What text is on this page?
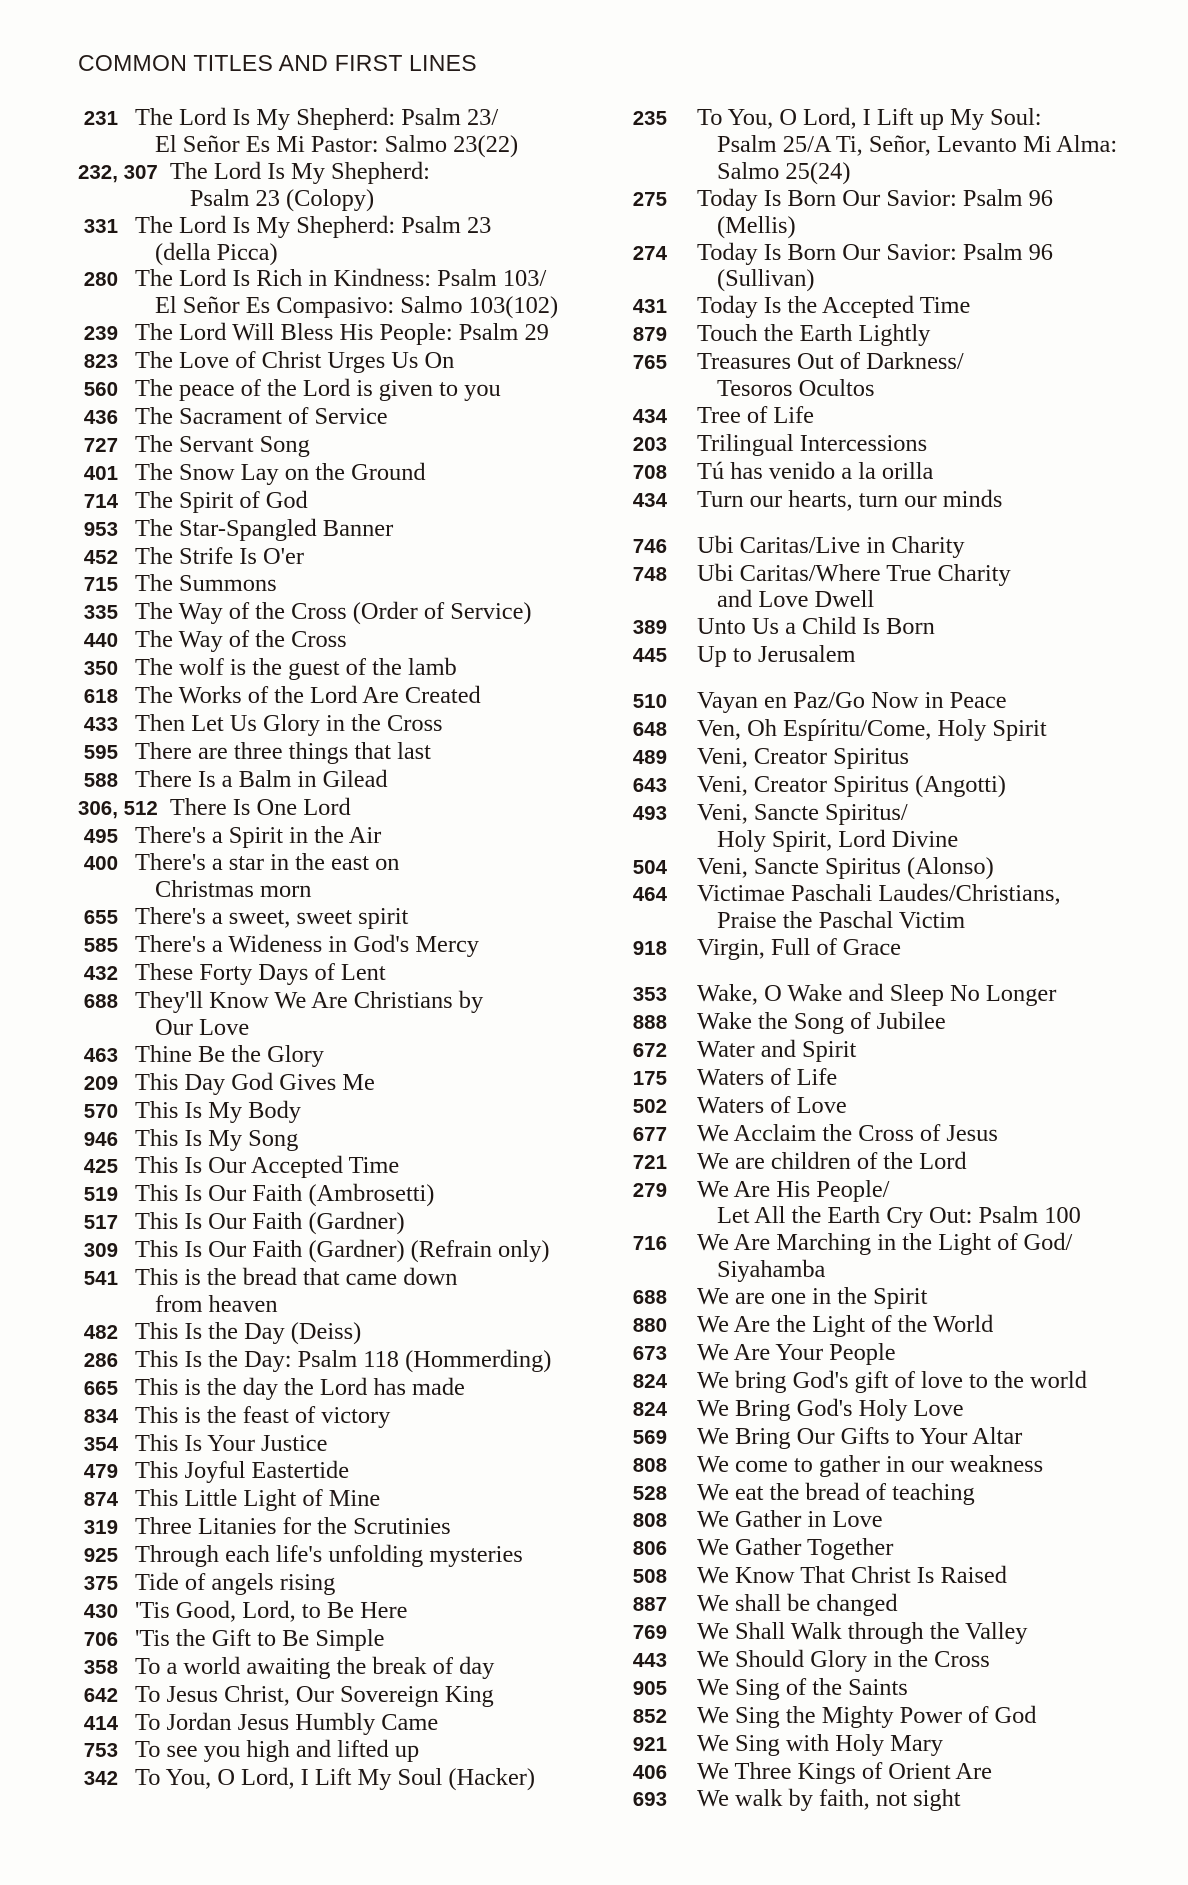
COMMON TITLES AND FIRST LINES
231 The Lord Is My Shepherd: Psalm 23/
El Señor Es Mi Pastor: Salmo 23(22)
232, 307 The Lord Is My Shepherd:
Psalm 23 (Colopy)
331 The Lord Is My Shepherd: Psalm 23
(della Picca)
280 The Lord Is Rich in Kindness: Psalm 103/
El Señor Es Compasivo: Salmo 103(102)
239 The Lord Will Bless His People: Psalm 29
823 The Love of Christ Urges Us On
560 The peace of the Lord is given to you
436 The Sacrament of Service
727 The Servant Song
401 The Snow Lay on the Ground
714 The Spirit of God
953 The Star-Spangled Banner
452 The Strife Is O'er
715 The Summons
335 The Way of the Cross (Order of Service)
440 The Way of the Cross
350 The wolf is the guest of the lamb
618 The Works of the Lord Are Created
433 Then Let Us Glory in the Cross
595 There are three things that last
588 There Is a Balm in Gilead
306, 512 There Is One Lord
495 There's a Spirit in the Air
400 There's a star in the east on
Christmas morn
655 There's a sweet, sweet spirit
585 There's a Wideness in God's Mercy
432 These Forty Days of Lent
688 They'll Know We Are Christians by
Our Love
463 Thine Be the Glory
209 This Day God Gives Me
570 This Is My Body
946 This Is My Song
425 This Is Our Accepted Time
519 This Is Our Faith (Ambrosetti)
517 This Is Our Faith (Gardner)
309 This Is Our Faith (Gardner) (Refrain only)
541 This is the bread that came down
from heaven
482 This Is the Day (Deiss)
286 This Is the Day: Psalm 118 (Hommerding)
665 This is the day the Lord has made
834 This is the feast of victory
354 This Is Your Justice
479 This Joyful Eastertide
874 This Little Light of Mine
319 Three Litanies for the Scrutinies
925 Through each life's unfolding mysteries
375 Tide of angels rising
430 'Tis Good, Lord, to Be Here
706 'Tis the Gift to Be Simple
358 To a world awaiting the break of day
642 To Jesus Christ, Our Sovereign King
414 To Jordan Jesus Humbly Came
753 To see you high and lifted up
342 To You, O Lord, I Lift My Soul (Hacker)
235 To You, O Lord, I Lift up My Soul:
Psalm 25/A Ti, Señor, Levanto Mi Alma:
Salmo 25(24)
275 Today Is Born Our Savior: Psalm 96
(Mellis)
274 Today Is Born Our Savior: Psalm 96
(Sullivan)
431 Today Is the Accepted Time
879 Touch the Earth Lightly
765 Treasures Out of Darkness/
Tesoros Ocultos
434 Tree of Life
203 Trilingual Intercessions
708 Tú has venido a la orilla
434 Turn our hearts, turn our minds
746 Ubi Caritas/Live in Charity
748 Ubi Caritas/Where True Charity
and Love Dwell
389 Unto Us a Child Is Born
445 Up to Jerusalem
510 Vayan en Paz/Go Now in Peace
648 Ven, Oh Espíritu/Come, Holy Spirit
489 Veni, Creator Spiritus
643 Veni, Creator Spiritus (Angotti)
493 Veni, Sancte Spiritus/
Holy Spirit, Lord Divine
504 Veni, Sancte Spiritus (Alonso)
464 Victimae Paschali Laudes/Christians,
Praise the Paschal Victim
918 Virgin, Full of Grace
353 Wake, O Wake and Sleep No Longer
888 Wake the Song of Jubilee
672 Water and Spirit
175 Waters of Life
502 Waters of Love
677 We Acclaim the Cross of Jesus
721 We are children of the Lord
279 We Are His People/
Let All the Earth Cry Out: Psalm 100
716 We Are Marching in the Light of God/
Siyahamba
688 We are one in the Spirit
880 We Are the Light of the World
673 We Are Your People
824 We bring God's gift of love to the world
824 We Bring God's Holy Love
569 We Bring Our Gifts to Your Altar
808 We come to gather in our weakness
528 We eat the bread of teaching
808 We Gather in Love
806 We Gather Together
508 We Know That Christ Is Raised
887 We shall be changed
769 We Shall Walk through the Valley
443 We Should Glory in the Cross
905 We Sing of the Saints
852 We Sing the Mighty Power of God
921 We Sing with Holy Mary
406 We Three Kings of Orient Are
693 We walk by faith, not sight
